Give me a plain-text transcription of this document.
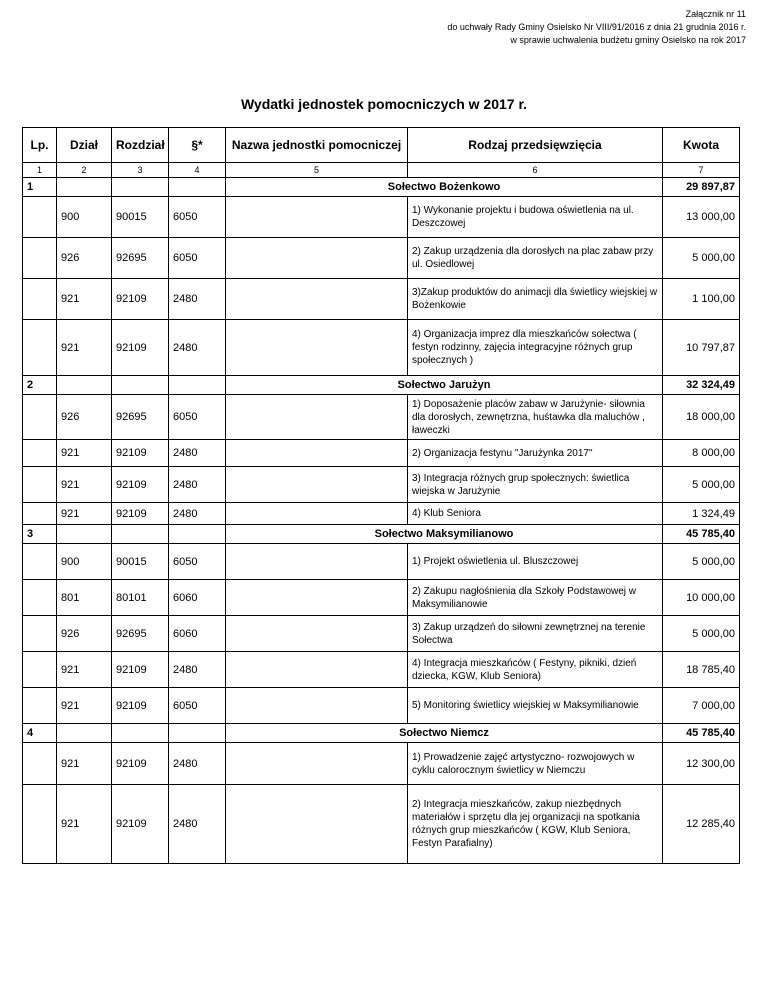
Załącznik nr 11
do uchwały Rady Gminy Osielsko Nr VIII/91/2016 z dnia 21 grudnia 2016 r.
w sprawie uchwalenia budżetu gminy Osielsko na rok 2017
Wydatki jednostek pomocniczych w 2017 r.
Lp.	Dział	Rozdział	§*	Nazwa jednostki pomocniczej	Rodzaj przedsięwzięcia	Kwota
1	2	3	4	5	6	7
1				Sołectwo Bożenkowo		29 897,87
	900	90015	6050		1) Wykonanie projektu i budowa oświetlenia na ul. Deszczowej	13 000,00
	926	92695	6050		2) Zakup urządzenia dla dorosłych na plac zabaw przy ul. Osiedlowej	5 000,00
	921	92109	2480		3)Zakup produktów do animacji dla świetlicy wiejskiej w Bożenkowie	1 100,00
	921	92109	2480		4) Organizacja imprez dla mieszkańców sołectwa ( festyn rodzinny, zajęcia integracyjne różnych grup społecznych )	10 797,87
2				Sołectwo Jarużyn		32 324,49
	926	92695	6050		1) Doposażenie placów zabaw w Jarużynie- siłownia dla dorosłych, zewnętrzna, huśtawka dla maluchów , ławeczki	18 000,00
	921	92109	2480		2) Organizacja festynu "Jarużynka 2017"	8 000,00
	921	92109	2480		3) Integracja różnych grup społecznych: świetlica wiejska w Jarużynie	5 000,00
	921	92109	2480		4) Klub Seniora	1 324,49
3				Sołectwo Maksymilianowo		45 785,40
	900	90015	6050		1) Projekt oświetlenia ul. Bluszczowej	5 000,00
	801	80101	6060		2) Zakupu nagłośnienia dla Szkoły Podstawowej w Maksymilianowie	10 000,00
	926	92695	6060		3) Zakup urządzeń do siłowni zewnętrznej na terenie Sołectwa	5 000,00
	921	92109	2480		4) Integracja mieszkańców ( Festyny, pikniki, dzień dziecka, KGW, Klub Seniora)	18 785,40
	921	92109	6050		5) Monitoring świetlicy wiejskiej w Maksymilianowie	7 000,00
4				Sołectwo Niemcz		45 785,40
	921	92109	2480		1) Prowadzenie zajęć artystyczno- rozwojowych w cyklu calorocznym świetlicy w Niemczu	12 300,00
	921	92109	2480		2) Integracja mieszkańców, zakup niezbędnych materiałów i sprzętu dla jej organizacji na spotkania różnych grup mieszkańców ( KGW, Klub Seniora, Festyn Parafialny)	12 285,40
